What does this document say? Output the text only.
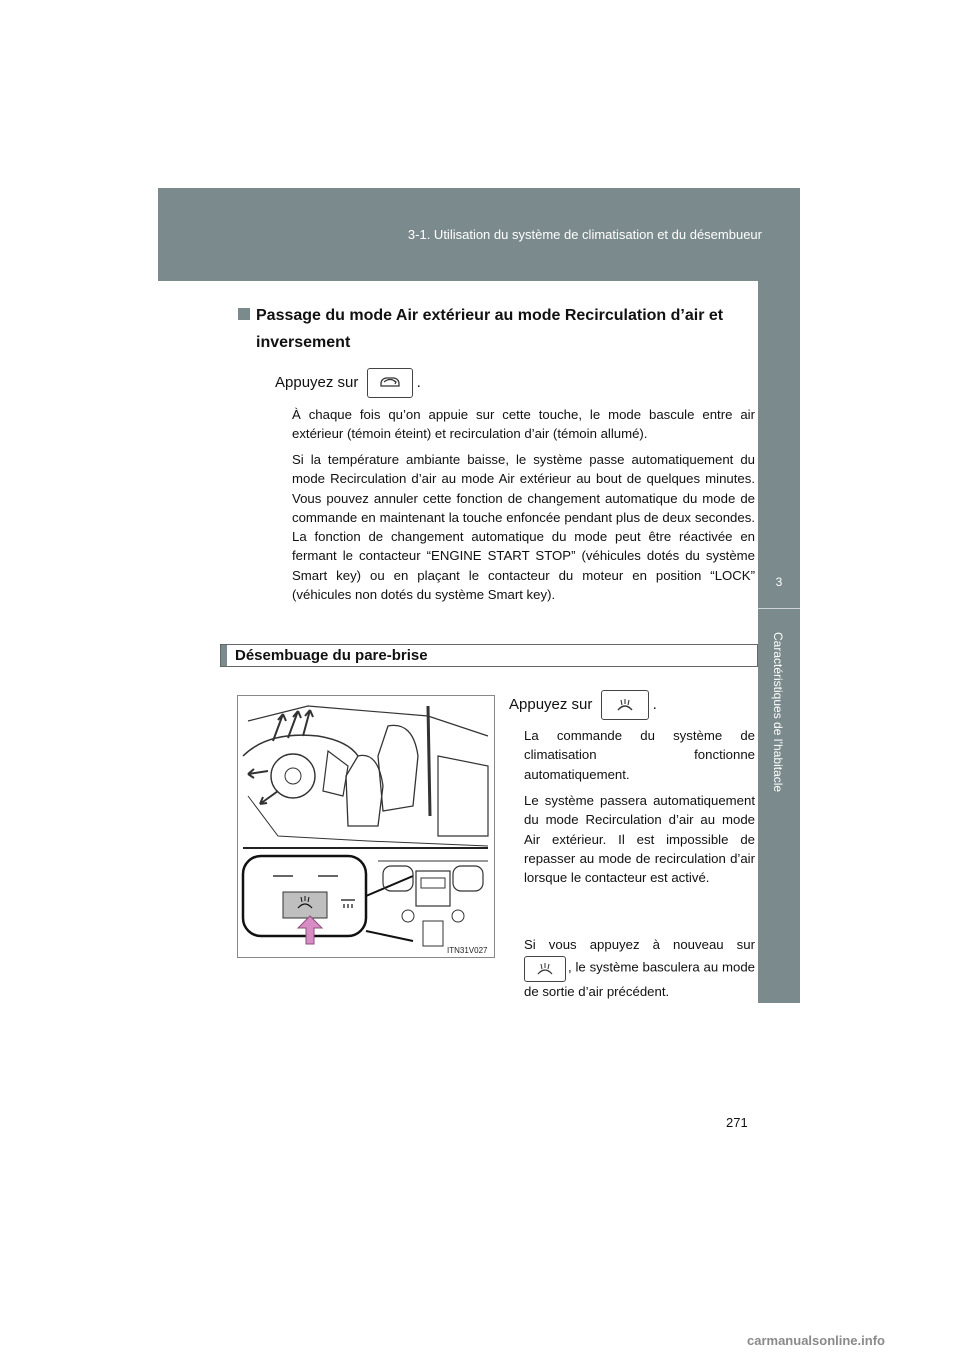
3-1. Utilisation du système de climatisation et du désembueur
3
Caractéristiques de l’habitacle
Passage du mode Air extérieur au mode Recirculation d’air et
inversement
Appuyez sur	.
À chaque fois qu’on appuie sur cette touche, le mode bascule entre air extérieur (témoin éteint) et recirculation d’air (témoin allumé).
Si la température ambiante baisse, le système passe automatiquement du mode Recirculation d’air au mode Air extérieur au bout de quelques minutes. Vous pouvez annuler cette fonction de changement automatique du mode de commande en maintenant la touche enfoncée pendant plus de deux secondes. La fonction de changement automatique du mode peut être réactivée en fermant le contacteur “ENGINE START STOP” (véhicules dotés du système Smart key) ou en plaçant le contacteur du moteur en position “LOCK” (véhicules non dotés du système Smart key).
Désembuage du pare-brise
ITN31V027
Appuyez sur	.
La commande du système de climatisation fonctionne automatiquement.
Le système passera automatiquement du mode Recirculation d’air au mode Air extérieur. Il est impossible de repasser au mode de recirculation d’air lorsque le contacteur est activé.
Si vous appuyez à nouveau sur , le système basculera au mode de sortie d’air précédent.
271
carmanualsonline.info
